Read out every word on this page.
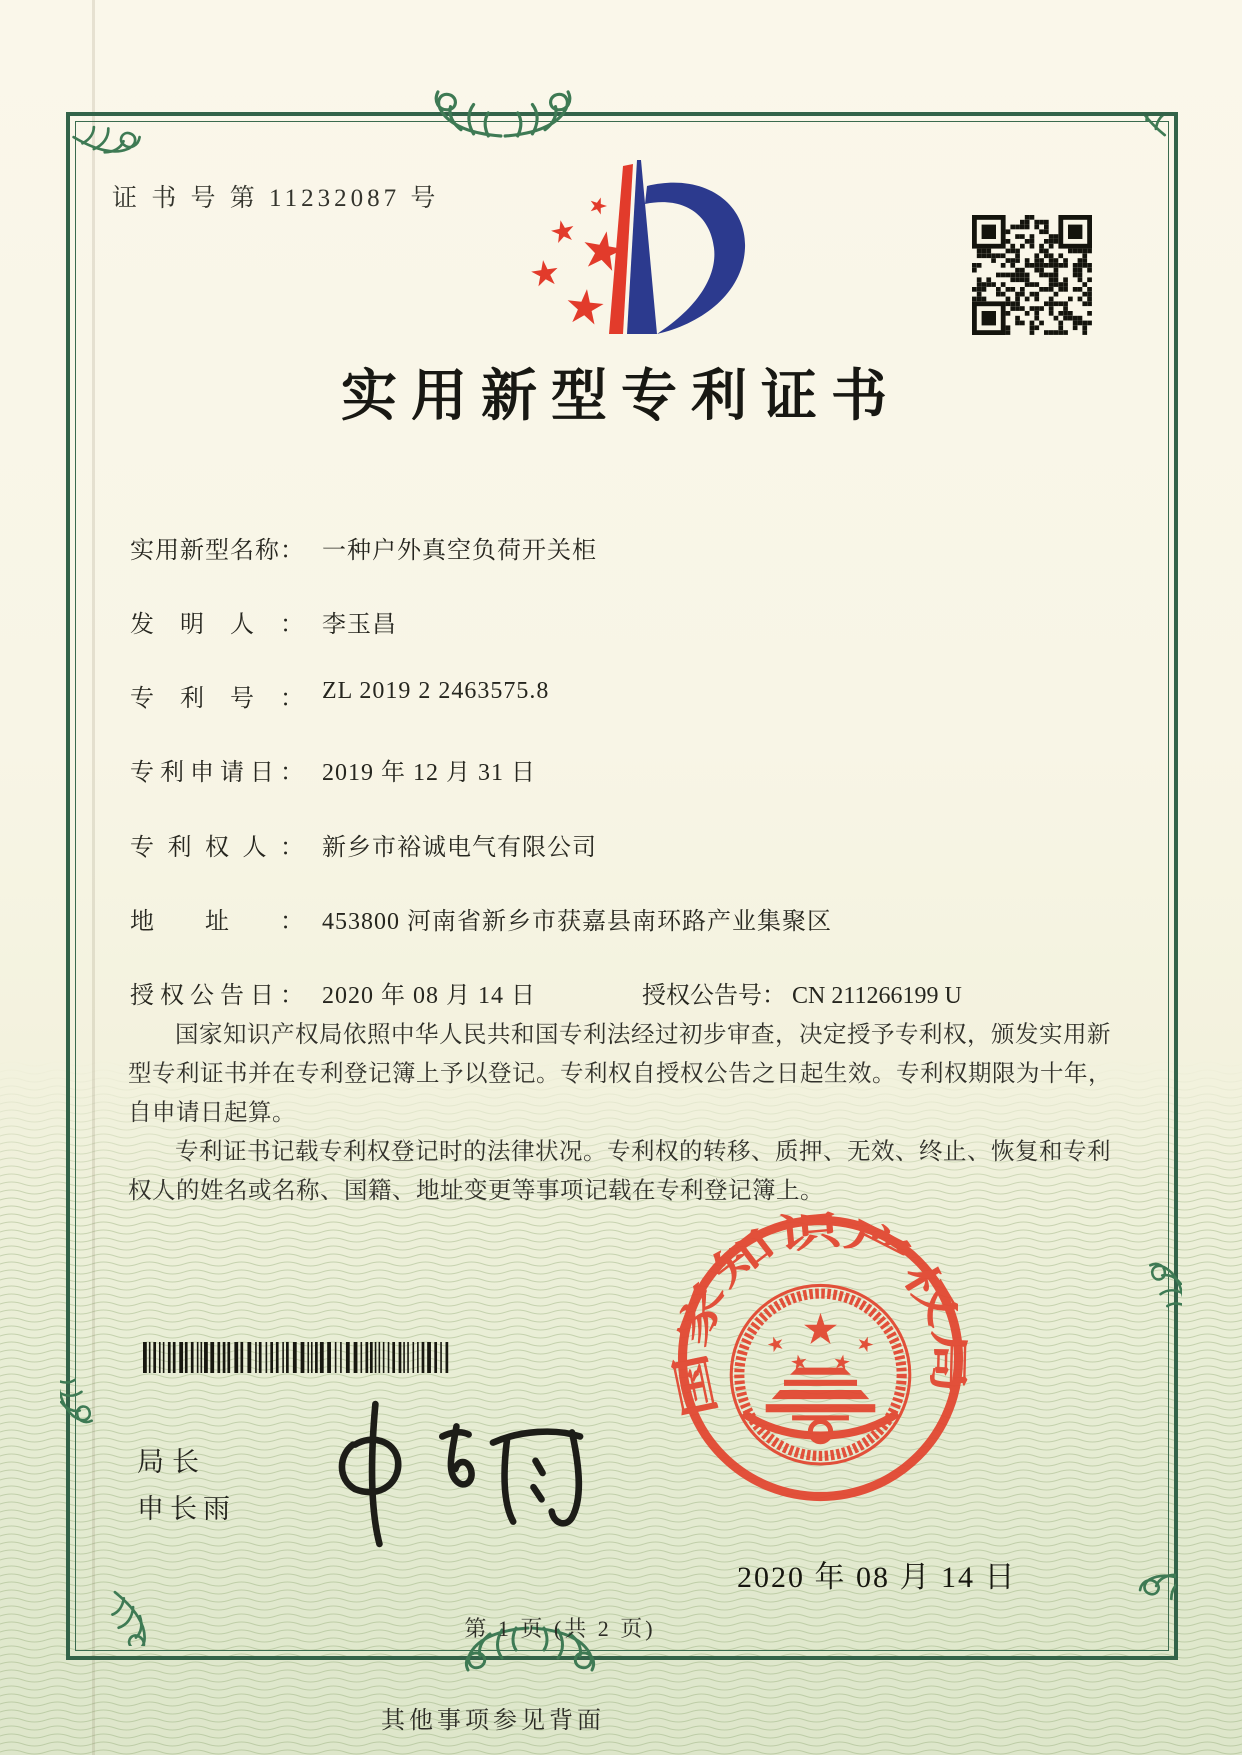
证 书 号 第 11232087 号
实用新型专利证书
实用新型名称： 一种户外真空负荷开关柜
发明人： 李玉昌
专利号： ZL 2019 2 2463575.8
专利申请日： 2019 年 12 月 31 日
专利权人： 新乡市裕诚电气有限公司
地址： 453800 河南省新乡市获嘉县南环路产业集聚区
授权公告日： 2020 年 08 月 14 日	授权公告号： CN 211266199 U

国家知识产权局依照中华人民共和国专利法经过初步审查，决定授予专利权，颁发实用新型专利证书并在专利登记簿上予以登记。专利权自授权公告之日起生效。专利权期限为十年，自申请日起算。

专利证书记载专利权登记时的法律状况。专利权的转移、质押、无效、终止、恢复和专利权人的姓名或名称、国籍、地址变更等事项记载在专利登记簿上。

局长
申长雨
国家知识产权局
2020 年 08 月 14 日
第 1 页 (共 2 页)
其他事项参见背面
